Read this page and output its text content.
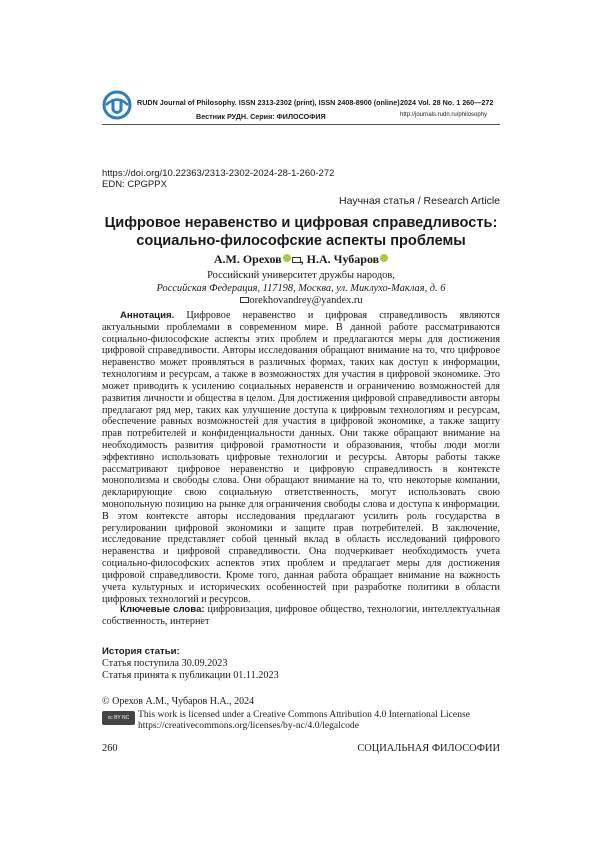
RUDN Journal of Philosophy. ISSN 2313-2302 (print), ISSN 2408-8900 (online)
Вестник РУДН. Серия: ФИЛОСОФИЯ
2024 Vol. 28 No. 1 260—272
http://journals.rudn.ru/philosophy
https://doi.org/10.22363/2313-2302-2024-28-1-260-272
EDN: CPGPPX
Научная статья / Research Article
Цифровое неравенство и цифровая справедливость:
социально-философские аспекты проблемы
А.М. Орехов , Н.А. Чубаров
Российский университет дружбы народов,
Российская Федерация, 117198, Москва, ул. Миклухо-Маклая, д. 6
orekhovandrey@yandex.ru
Аннотация. Цифровое неравенство и цифровая справедливость являются актуальными проблемами в современном мире. В данной работе рассматриваются социально-философские аспекты этих проблем и предлагаются меры для достижения цифровой справедливости. Авторы исследования обращают внимание на то, что цифровое неравенство может проявляться в различных формах, таких как доступ к информации, технологиям и ресурсам, а также в возможностях для участия в цифровой экономике. Это может приводить к усилению социальных неравенств и ограничению возможностей для развития личности и общества в целом. Для достижения цифровой справедливости авторы предлагают ряд мер, таких как улучшение доступа к цифровым технологиям и ресурсам, обеспечение равных возможностей для участия в цифровой экономике, а также защиту прав потребителей и конфиденциальности данных. Они также обращают внимание на необходимость развития цифровой грамотности и образования, чтобы люди могли эффективно использовать цифровые технологии и ресурсы. Авторы работы также рассматривают цифровое неравенство и цифровую справедливость в контексте монополизма и свободы слова. Они обращают внимание на то, что некоторые компании, декларирующие свою социальную ответственность, могут использовать свою монопольную позицию на рынке для ограничения свободы слова и доступа к информации. В этом контексте авторы исследования предлагают усилить роль государства в регулировании цифровой экономики и защите прав потребителей. В заключение, исследование представляет собой ценный вклад в область исследований цифрового неравенства и цифровой справедливости. Она подчеркивает необходимость учета социально-философских аспектов этих проблем и предлагает меры для достижения цифровой справедливости. Кроме того, данная работа обращает внимание на важность учета культурных и исторических особенностей при разработке политики в области цифровых технологий и ресурсов.
Ключевые слова: цифровизация, цифровое общество, технологии, интеллектуальная собственность, интернет
История статьи:
Статья поступила 30.09.2023
Статья принята к публикации 01.11.2023
© Орехов А.М., Чубаров Н.А., 2024
cc BY NC This work is licensed under a Creative Commons Attribution 4.0 International License
https://creativecommons.org/licenses/by-nc/4.0/legalcode
260	СОЦИАЛЬНАЯ ФИЛОСОФИИ
